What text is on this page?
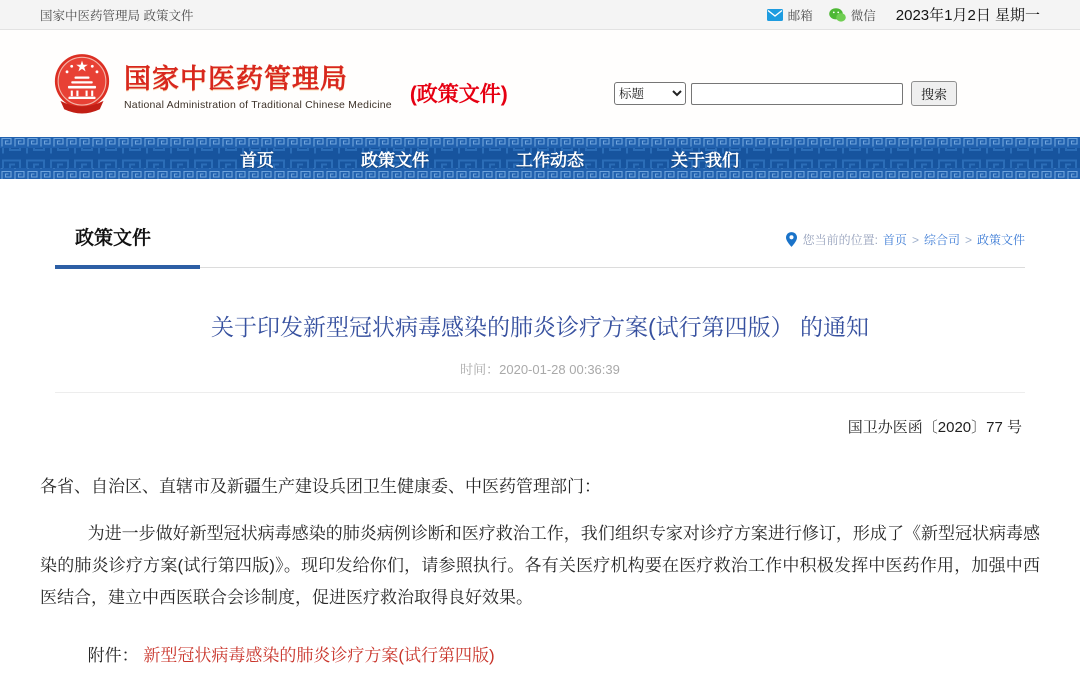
国家中医药管理局 政策文件	邮箱	微信 2023年1月2日 星期一
国家中医药管理局
National Administration of Traditional Chinese Medicine (政策文件)
标题	搜索
首页	政策文件	工作动态	关于我们
政策文件	您当前的位置: 首页 > 综合司 > 政策文件
关于印发新型冠状病毒感染的肺炎诊疗方案(试行第四版） 的通知
时间：2020-01-28 00:36:39
国卫办医函〔2020〕77 号

各省、自治区、直辖市及新疆生产建设兵团卫生健康委、中医药管理部门：

为进一步做好新型冠状病毒感染的肺炎病例诊断和医疗救治工作，我们组织专家对诊疗方案进行修订，形成了《新型冠状病毒感染的肺炎诊疗方案(试行第四版)》。现印发给你们，请参照执行。各有关医疗机构要在医疗救治工作中积极发挥中医药作用，加强中西医结合，建立中西医联合会诊制度，促进医疗救治取得良好效果。

附件： 新型冠状病毒感染的肺炎诊疗方案(试行第四版)
